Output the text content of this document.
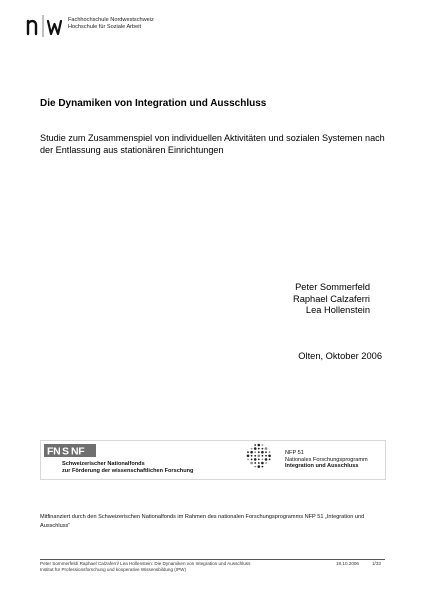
Fachhochschule Nordwestschweiz
Hochschule für Soziale Arbeit
Die Dynamiken von Integration und Ausschluss
Studie zum Zusammenspiel von individuellen Aktivitäten und sozialen Systemen nach der Entlassung aus stationären Einrichtungen
Peter Sommerfeld
Raphael Calzaferri
Lea Hollenstein
Olten, Oktober 2006
FN S NF
Schweizerischer Nationalfonds
zur Förderung der wissenschaftlichen Forschung
NFP 51
Nationales Forschungsprogramm
Integration und Ausschluss
Mitfinanziert durch den Schweizerischen Nationalfonds im Rahmen des nationalen Forschungsprogramms NFP 51 „Integration und Ausschluss“
Peter Sommerfeld/ Raphael Calzaferri/ Lea Hollenstein: Die Dynamiken von Integration und Ausschluss
Institut für Professionsforschung und kooperative Wissensbildung (IPW)
18.10.2006	1/33
